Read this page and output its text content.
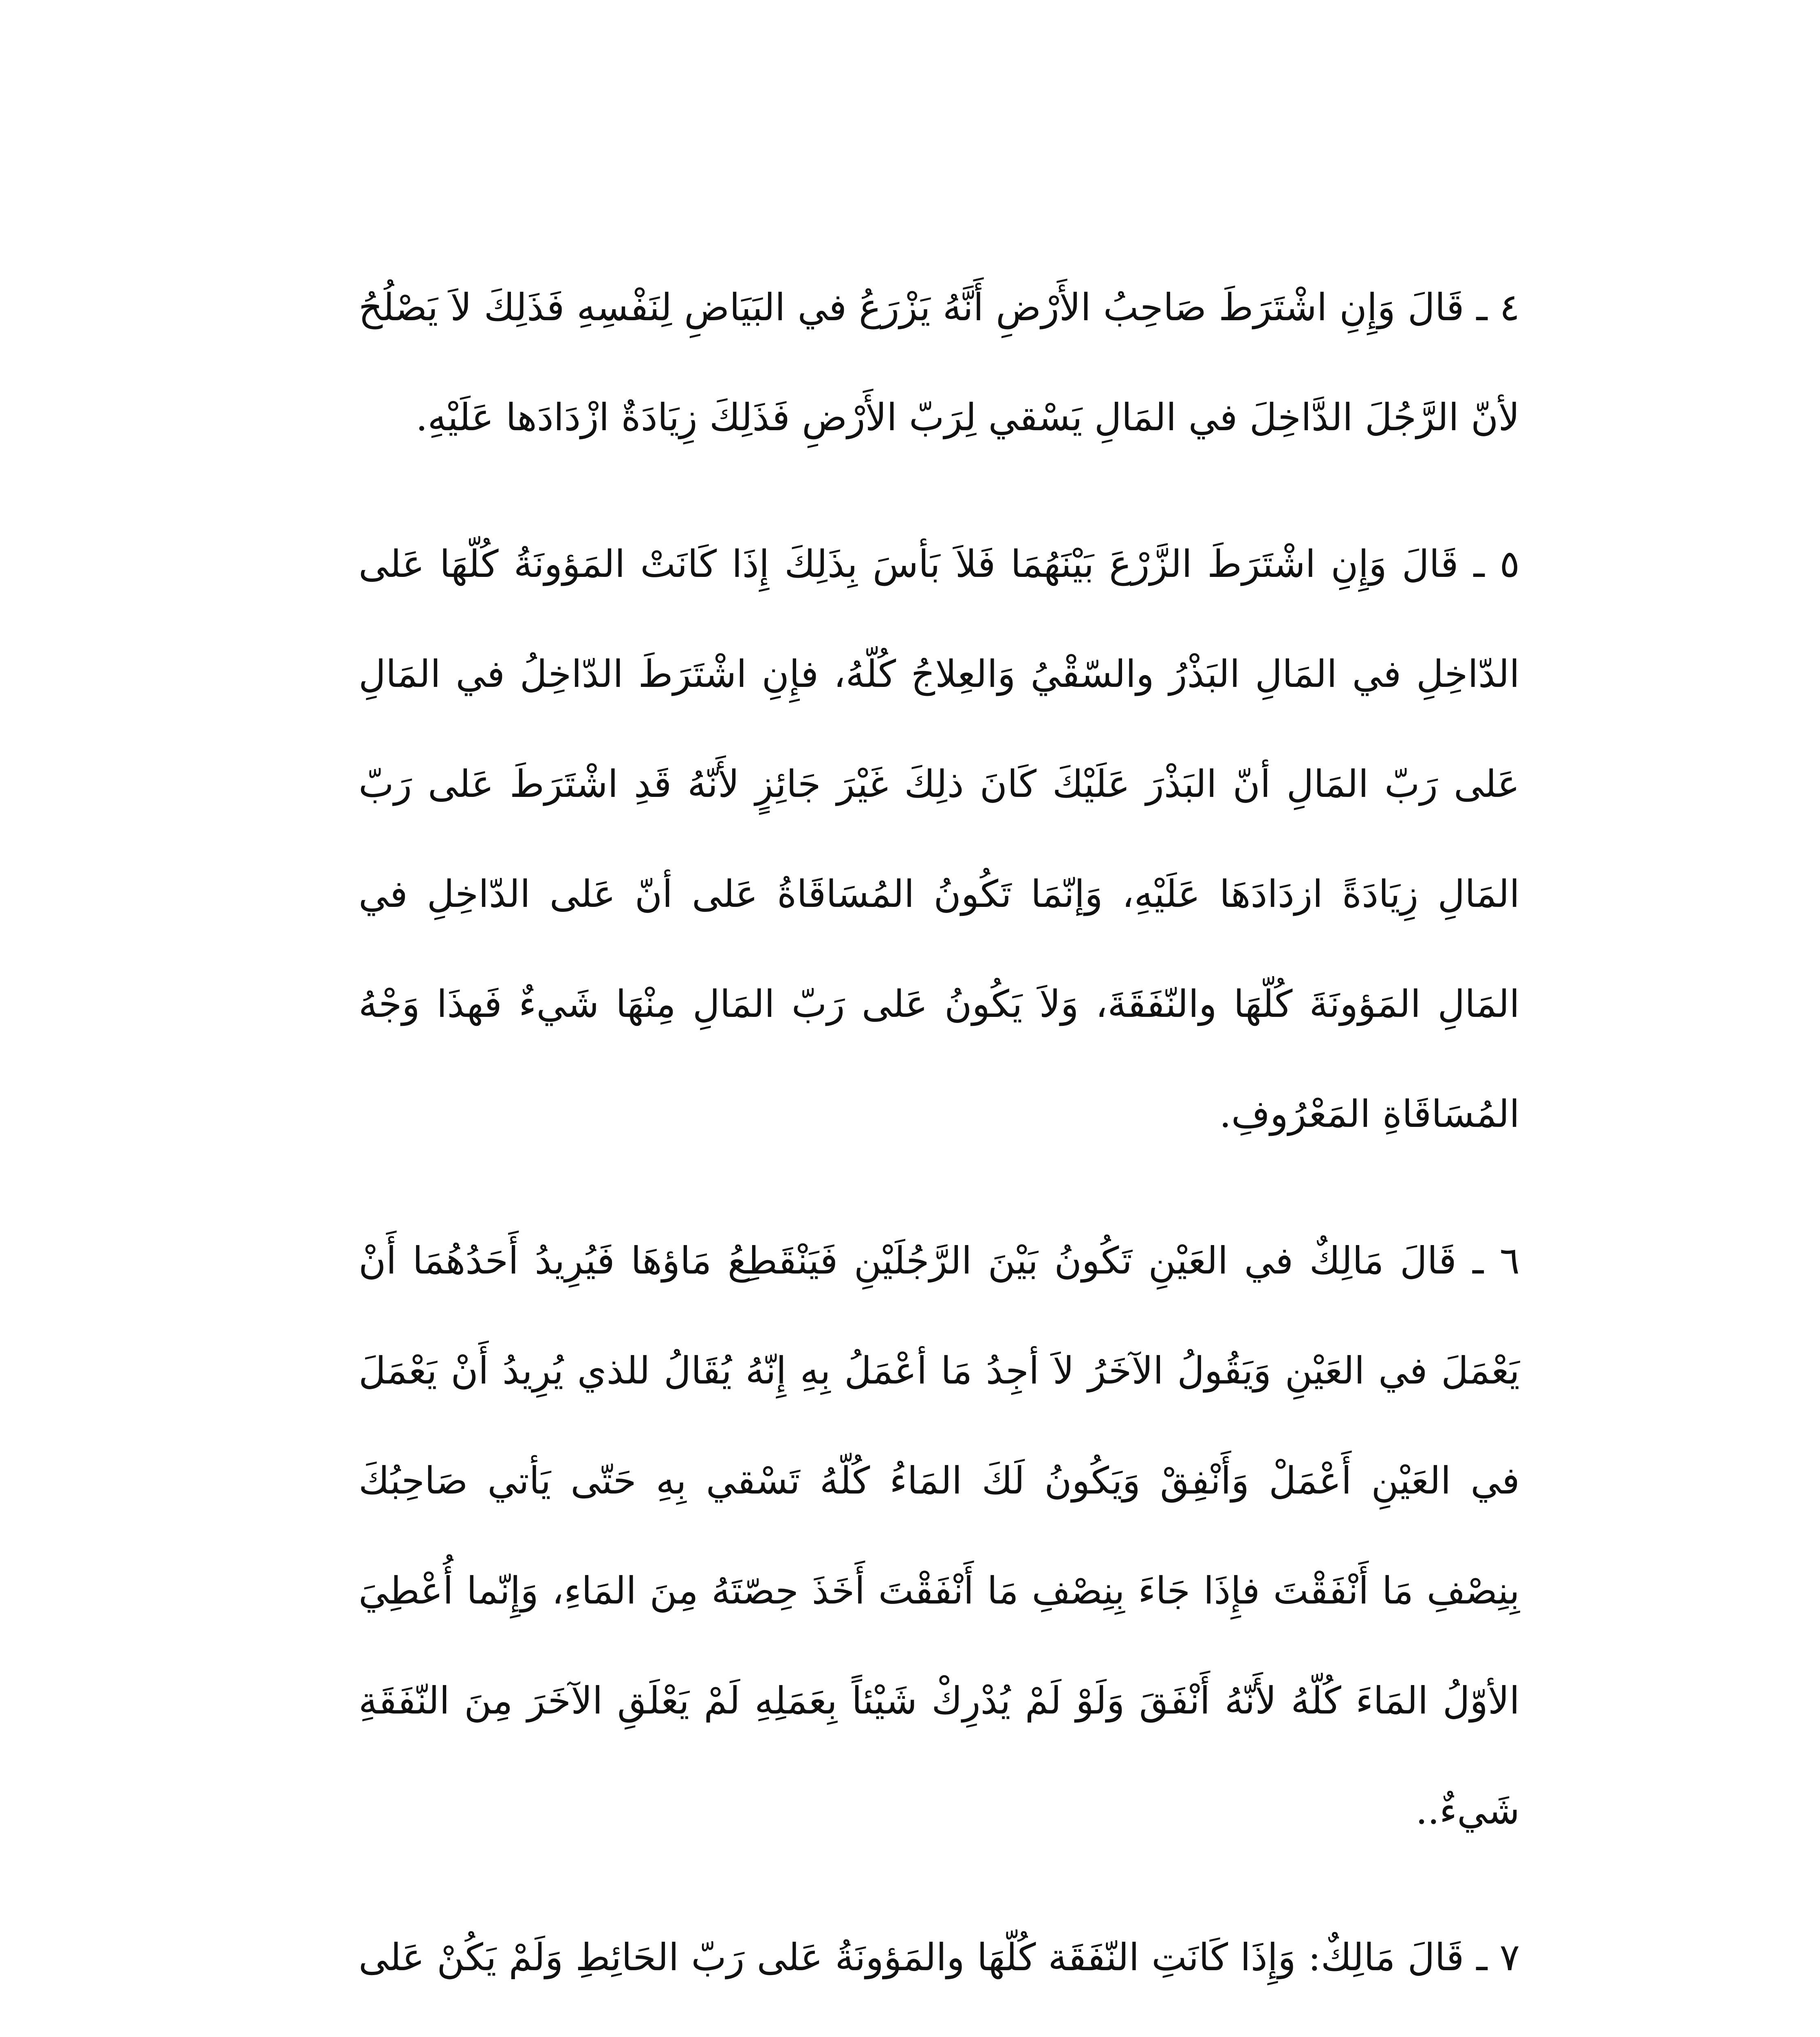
٤ ـ قَالَ وَإِنِ اشْتَرَطَ صَاحِبُ الأَرْضِ أَنَّهُ يَزْرَعُ في البَيَاضِ لِنَفْسِهِ فَذَلِكَ لاَ يَصْلُحُ لأنّ الرَّجُلَ الدَّاخِلَ في المَالِ يَسْقي لِرَبّ الأَرْضِ فَذَلِكَ زِيَادَةٌ ازْدَادَها عَلَيْهِ.

٥ ـ قَالَ وَإِنِ اشْتَرَطَ الزَّرْعَ بَيْنَهُمَا فَلاَ بَأسَ بِذَلِكَ إِذَا كَانَتْ المَؤونَةُ كُلّهَا عَلى الدّاخِلِ في المَالِ البَذْرُ والسّقْيُ وَالعِلاجُ كُلّهُ، فإِنِ اشْتَرَطَ الدّاخِلُ في المَالِ عَلى رَبّ المَالِ أنّ البَذْرَ عَلَيْكَ كَانَ ذلِكَ غَيْرَ جَائِزٍ لأَنّهُ قَدِ اشْتَرَطَ عَلى رَبّ المَالِ زِيَادَةً ازدَادَهَا عَلَيْهِ، وَإنّمَا تَكُونُ المُسَاقَاةُ عَلى أنّ عَلى الدّاخِلِ في المَالِ المَؤونَةَ كُلّهَا والنّفَقَةَ، وَلاَ يَكُونُ عَلى رَبّ المَالِ مِنْهَا شَيءٌ فَهذَا وَجْهُ المُسَاقَاةِ المَعْرُوفِ.

٦ ـ قَالَ مَالِكٌ في العَيْنِ تَكُونُ بَيْنَ الرَّجُلَيْنِ فَيَنْقَطِعُ مَاؤهَا فَيُرِيدُ أَحَدُهُمَا أَنْ يَعْمَلَ في العَيْنِ وَيَقُولُ الآخَرُ لاَ أجِدُ مَا أعْمَلُ بِهِ إِنّهُ يُقَالُ للذي يُرِيدُ أَنْ يَعْمَلَ في العَيْنِ أَعْمَلْ وَأَنْفِقْ وَيَكُونُ لَكَ المَاءُ كُلّهُ تَسْقي بِهِ حَتّى يَأتي صَاحِبُكَ بِنِصْفِ مَا أَنْفَقْتَ فإِذَا جَاءَ بِنِصْفِ مَا أَنْفَقْتَ أَخَذَ حِصّتَهُ مِنَ المَاءِ، وَإِنّما أُعْطِيَ الأوّلُ المَاءَ كُلّهُ لأَنّهُ أَنْفَقَ وَلَوْ لَمْ يُدْرِكْ شَيْئاً بِعَمَلِهِ لَمْ يَعْلَقِ الآخَرَ مِنَ النّفَقَةِ شَيءٌ..

٧ ـ قَالَ مَالِكٌ: وَإِذَا كَانَتِ النّفَقَة كُلّهَا والمَؤونَةُ عَلى رَبّ الحَائِطِ وَلَمْ يَكُنْ عَلى
